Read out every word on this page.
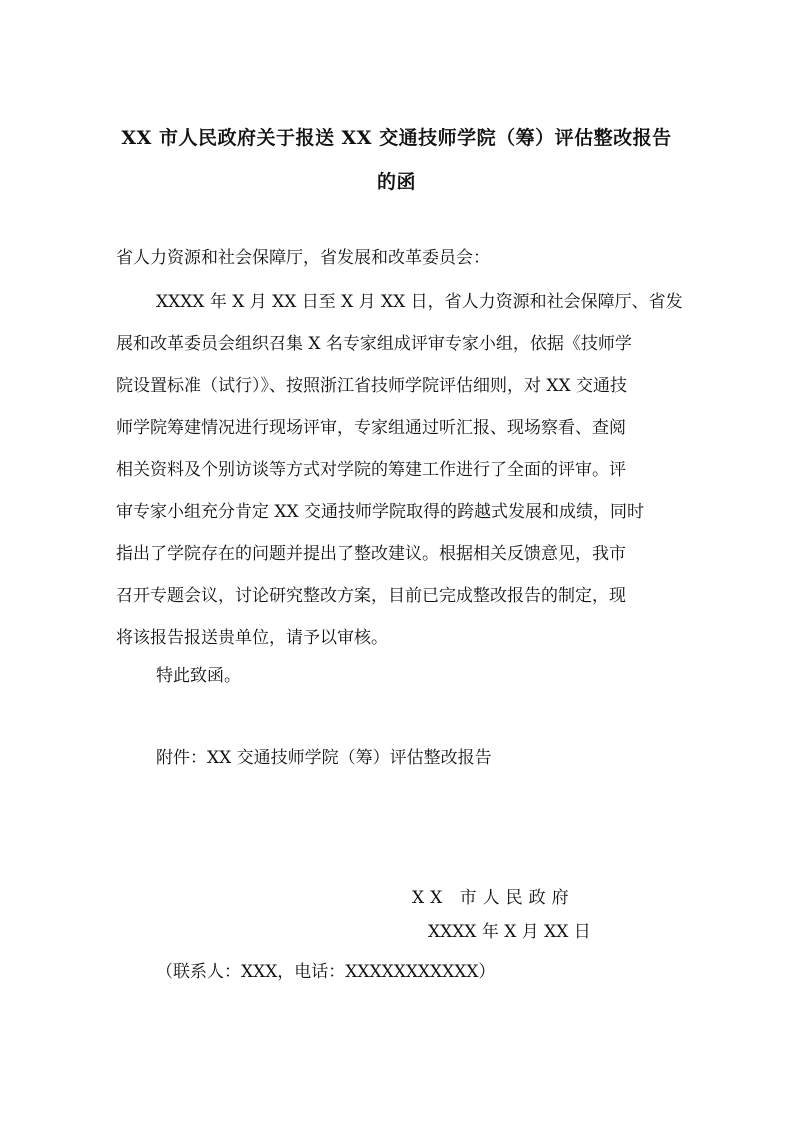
XX 市人民政府关于报送 XX 交通技师学院（筹）评估整改报告
的函
省人力资源和社会保障厅，省发展和改革委员会：
XXXX 年 X 月 XX 日至 X 月 XX 日，省人力资源和社会保障厅、省发
展和改革委员会组织召集 X 名专家组成评审专家小组，依据《技师学
院设置标准（试行）》、按照浙江省技师学院评估细则，对 XX 交通技
师学院筹建情况进行现场评审，专家组通过听汇报、现场察看、查阅
相关资料及个别访谈等方式对学院的筹建工作进行了全面的评审。评
审专家小组充分肯定 XX 交通技师学院取得的跨越式发展和成绩，同时
指出了学院存在的问题并提出了整改建议。根据相关反馈意见，我市
召开专题会议，讨论研究整改方案，目前已完成整改报告的制定，现
将该报告报送贵单位，请予以审核。
特此致函。
附件：XX 交通技师学院（筹）评估整改报告
XX 市人民政府
XXXX 年 X 月 XX 日
（联系人：XXX，电话：XXXXXXXXXXX）
